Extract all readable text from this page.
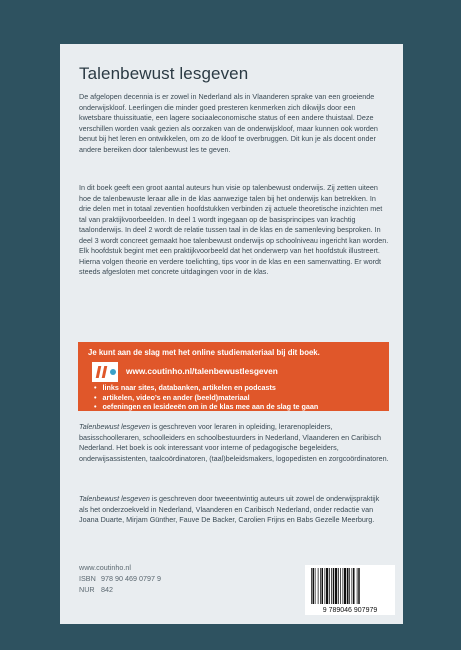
Talenbewust lesgeven

De afgelopen decennia is er zowel in Nederland als in Vlaanderen sprake van een groeiende onderwijskloof. Leerlingen die minder goed presteren kenmerken zich dikwijls door een kwetsbare thuissituatie, een lagere sociaaleconomische status of een andere thuistaal. Deze verschillen worden vaak gezien als oorzaken van de onderwijskloof, maar kunnen ook worden benut bij het leren en ontwikkelen, om zo de kloof te overbruggen. Dit kun je als docent onder andere bereiken door talenbewust les te geven.

In dit boek geeft een groot aantal auteurs hun visie op talenbewust onderwijs. Zij zetten uiteen hoe de talenbewuste leraar alle in de klas aanwezige talen bij het onderwijs kan betrekken. In drie delen met in totaal zeventien hoofdstukken verbinden zij actuele theoretische inzichten met tal van praktijkvoorbeelden. In deel 1 wordt ingegaan op de basisprincipes van krachtig taalonderwijs. In deel 2 wordt de relatie tussen taal in de klas en de samenleving besproken. In deel 3 wordt concreet gemaakt hoe talenbewust onderwijs op schoolniveau ingericht kan worden. Elk hoofdstuk begint met een praktijkvoorbeeld dat het onderwerp van het hoofdstuk illustreert. Hierna volgen theorie en verdere toelichting, tips voor in de klas en een samenvatting. Er wordt steeds afgesloten met concrete uitdagingen voor in de klas.

Je kunt aan de slag met het online studiemateriaal bij dit boek.
www.coutinho.nl/talenbewustlesgeven
• links naar sites, databanken, artikelen en podcasts
• artikelen, video’s en ander (beeld)materiaal
• oefeningen en lesideeën om in de klas mee aan de slag te gaan

Talenbewust lesgeven is geschreven voor leraren in opleiding, lerarenopleiders, basisschoolleraren, schoolleiders en schoolbestuurders in Nederland, Vlaanderen en Caribisch Nederland. Het boek is ook interessant voor interne of pedagogische begeleiders, onderwijsassistenten, taalcoördinatoren, (taal)beleidsmakers, logopedisten en zorgcoördinatoren.

Talenbewust lesgeven is geschreven door tweeentwintig auteurs uit zowel de onderwijspraktijk als het onderzoekveld in Nederland, Vlaanderen en Caribisch Nederland, onder redactie van Joana Duarte, Mirjam Günther, Fauve De Backer, Carolien Frijns en Babs Gezelle Meerburg.

www.coutinho.nl
ISBN 978 90 469 0797 9
NUR 842
9 789046 907979
